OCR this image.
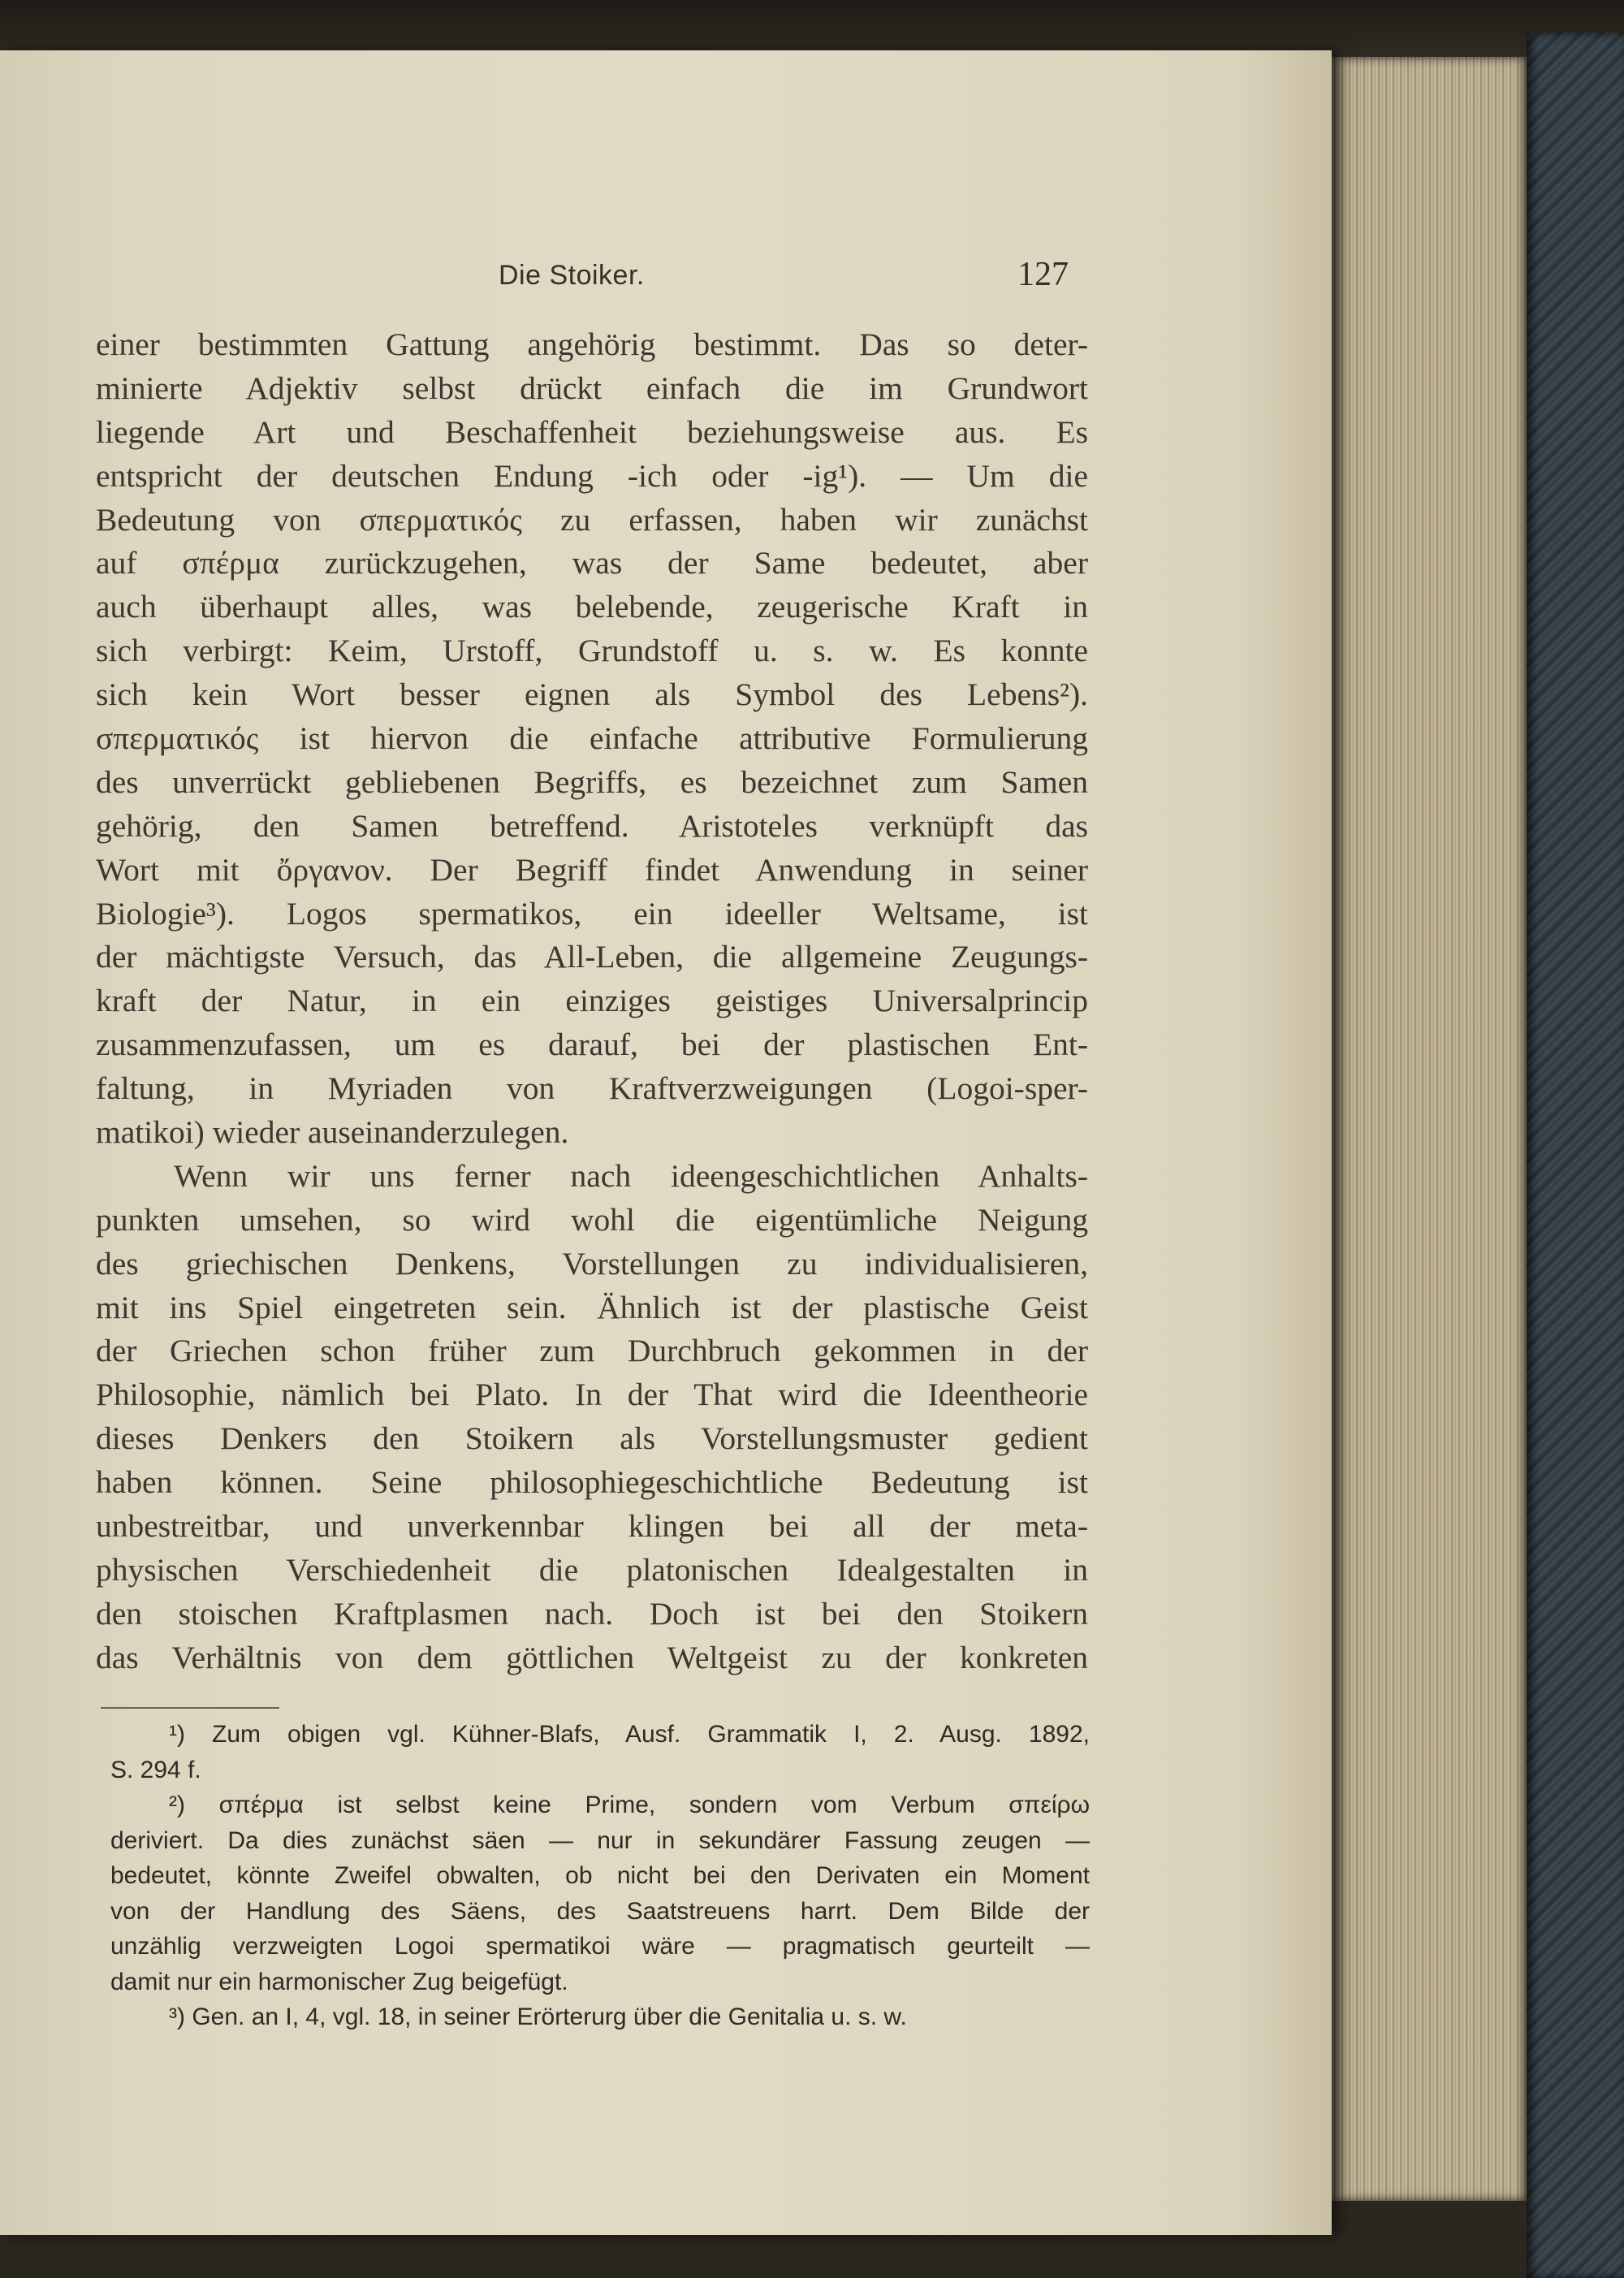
Die Stoiker.	127
einer bestimmten Gattung angehörig bestimmt. Das so deter-
minierte Adjektiv selbst drückt einfach die im Grundwort
liegende Art und Beschaffenheit beziehungsweise aus. Es
entspricht der deutschen Endung -ich oder -ig¹). — Um die
Bedeutung von σπερματικός zu erfassen, haben wir zunächst
auf σπέρμα zurückzugehen, was der Same bedeutet, aber
auch überhaupt alles, was belebende, zeugerische Kraft in
sich verbirgt: Keim, Urstoff, Grundstoff u. s. w. Es konnte
sich kein Wort besser eignen als Symbol des Lebens²).
σπερματικός ist hiervon die einfache attributive Formulierung
des unverrückt gebliebenen Begriffs, es bezeichnet zum Samen
gehörig, den Samen betreffend. Aristoteles verknüpft das
Wort mit ὄργανον. Der Begriff findet Anwendung in seiner
Biologie³). Logos spermatikos, ein ideeller Weltsame, ist
der mächtigste Versuch, das All-Leben, die allgemeine Zeugungs-
kraft der Natur, in ein einziges geistiges Universalprincip
zusammenzufassen, um es darauf, bei der plastischen Ent-
faltung, in Myriaden von Kraftverzweigungen (Logoi-sper-
matikoi) wieder auseinanderzulegen.
Wenn wir uns ferner nach ideengeschichtlichen Anhalts-
punkten umsehen, so wird wohl die eigentümliche Neigung
des griechischen Denkens, Vorstellungen zu individualisieren,
mit ins Spiel eingetreten sein. Ähnlich ist der plastische Geist
der Griechen schon früher zum Durchbruch gekommen in der
Philosophie, nämlich bei Plato. In der That wird die Ideentheorie
dieses Denkers den Stoikern als Vorstellungsmuster gedient
haben können. Seine philosophiegeschichtliche Bedeutung ist
unbestreitbar, und unverkennbar klingen bei all der meta-
physischen Verschiedenheit die platonischen Idealgestalten in
den stoischen Kraftplasmen nach. Doch ist bei den Stoikern
das Verhältnis von dem göttlichen Weltgeist zu der konkreten
¹) Zum obigen vgl. Kühner-Blafs, Ausf. Grammatik I, 2. Ausg. 1892,
S. 294 f.
²) σπέρμα ist selbst keine Prime, sondern vom Verbum σπείρω
deriviert. Da dies zunächst säen — nur in sekundärer Fassung zeugen —
bedeutet, könnte Zweifel obwalten, ob nicht bei den Derivaten ein Moment
von der Handlung des Säens, des Saatstreuens harrt. Dem Bilde der
unzählig verzweigten Logoi spermatikoi wäre — pragmatisch geurteilt —
damit nur ein harmonischer Zug beigefügt.
³) Gen. an I, 4, vgl. 18, in seiner Erörterurg über die Genitalia u. s. w.
